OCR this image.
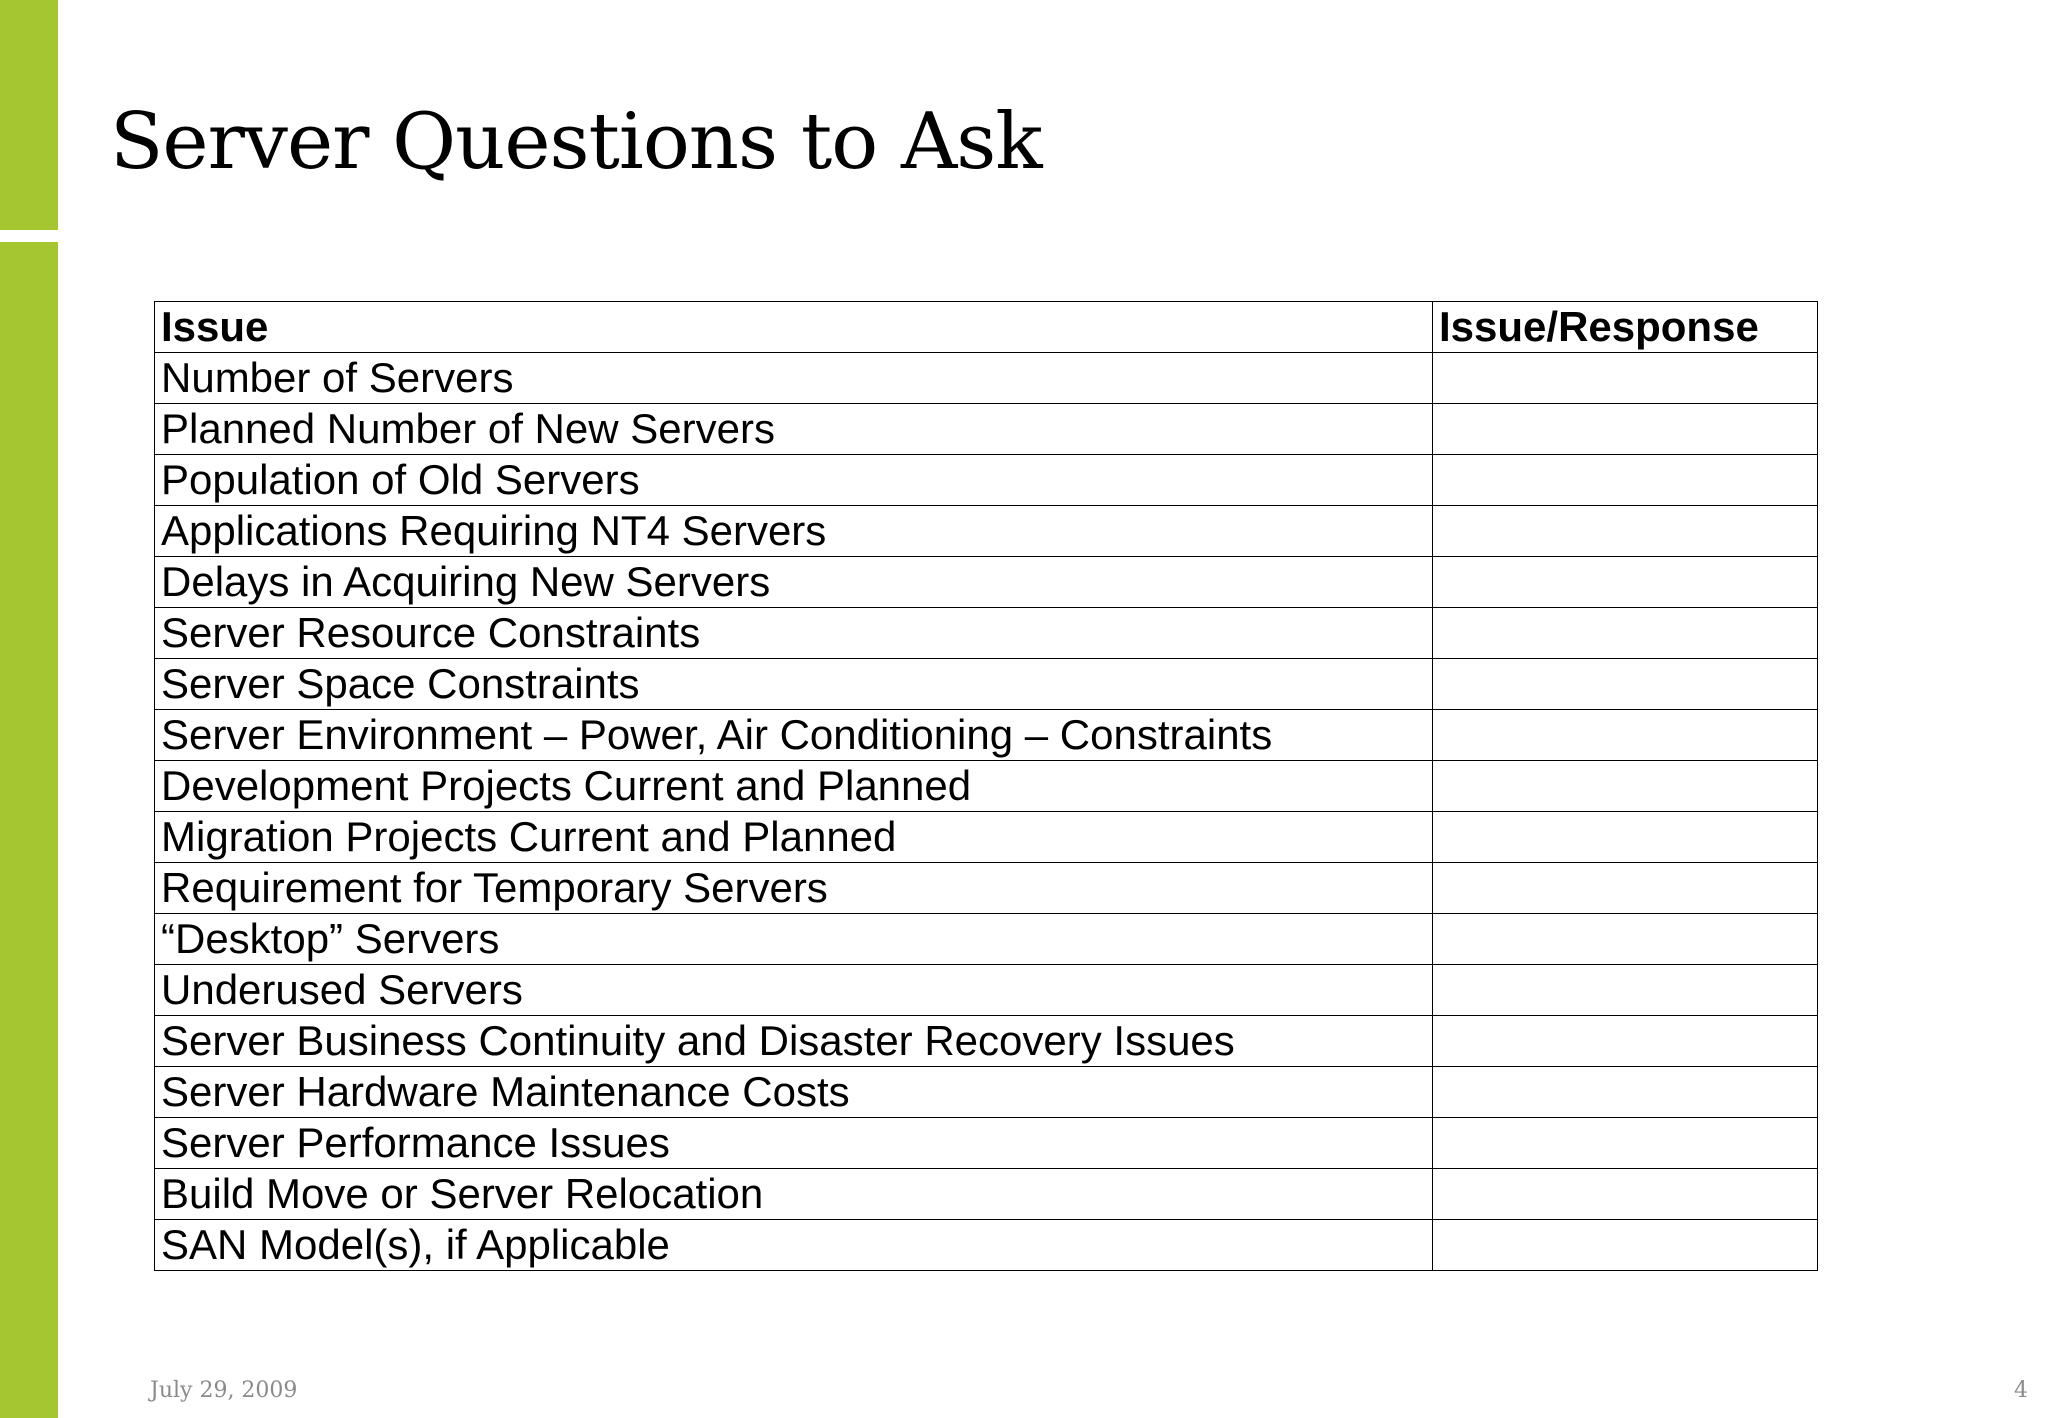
Server Questions to Ask
Issue	Issue/Response
Number of Servers	
Planned Number of New Servers	
Population of Old Servers	
Applications Requiring NT4 Servers	
Delays in Acquiring New Servers	
Server Resource Constraints	
Server Space Constraints	
Server Environment – Power, Air Conditioning – Constraints	
Development Projects Current and Planned	
Migration Projects Current and Planned	
Requirement for Temporary Servers	
“Desktop” Servers	
Underused Servers	
Server Business Continuity and Disaster Recovery Issues	
Server Hardware Maintenance Costs	
Server Performance Issues	
Build Move or Server Relocation	
SAN Model(s), if Applicable	
July 29, 2009	4
